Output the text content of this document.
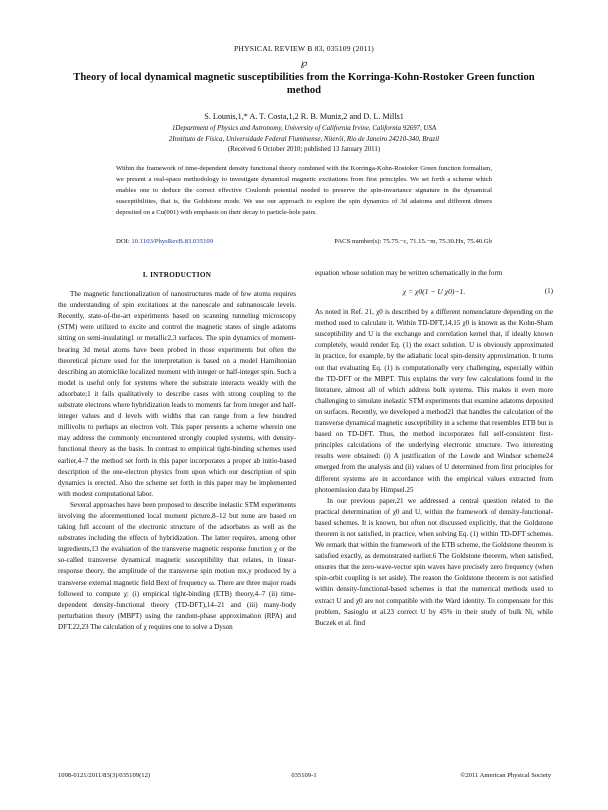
PHYSICAL REVIEW B 83, 035109 (2011)
℘
Theory of local dynamical magnetic susceptibilities from the Korringa-Kohn-Rostoker Green function method
S. Lounis,1,* A. T. Costa,1,2 R. B. Muniz,2 and D. L. Mills1
1Department of Physics and Astronomy, University of California Irvine, California 92697, USA
2Instituto de Física, Universidade Federal Fluminense, Niterói, Rio de Janeiro 24210-340, Brazil
(Received 6 October 2010; published 13 January 2011)

Within the framework of time-dependent density functional theory combined with the Korringa-Kohn-Rostoker Green function formalism, we present a real-space methodology to investigate dynamical magnetic excitations from first principles. We set forth a scheme which enables one to deduce the correct effective Coulomb potential needed to preserve the spin-invariance signature in the dynamical susceptibilities, that is, the Goldstone mode. We use our approach to explore the spin dynamics of 3d adatoms and different dimers deposited on a Cu(001) with emphasis on their decay to particle-hole pairs.

DOI: 10.1103/PhysRevB.83.035109	PACS number(s): 75.75.−c, 71.15.−m, 75.30.Hx, 75.40.Gb
I. INTRODUCTION

The magnetic functionalization of nanostructures made of few atoms requires the understanding of spin excitations at the nanoscale and subnanoscale levels. Recently, state-of-the-art experiments based on scanning tunneling microscopy (STM) were utilized to excite and control the magnetic states of single adatoms sitting on semi-insulating1 or metallic2,3 surfaces. The spin dynamics of moment-bearing 3d metal atoms have been probed in those experiments but often the theoretical picture used for the interpretation is based on a model Hamiltonian describing an atomiclike localized moment with integer or half-integer spin. Such a model is useful only for systems where the substrate interacts weakly with the adsorbate;1 it fails qualitatively to describe cases with strong coupling to the substrate electrons where hybridization leads to moments far from integer and half-integer values and d levels with widths that can range from a few hundred millivolts to perhaps an electron volt. This paper presents a scheme wherein one may address the commonly encountered strongly coupled systems, with density-functional theory as the basis. In contrast to empirical tight-binding schemes used earlier,4–7 the method set forth in this paper incorporates a proper ab initio-based description of the one-electron physics from upon which our description of spin dynamics is erected. Also the scheme set forth in this paper may be implemented with modest computational labor.

Several approaches have been proposed to describe inelastic STM experiments involving the aforementioned local moment picture,8–12 but none are based on taking full account of the electronic structure of the adsorbates as well as the substrates including the effects of hybridization. The latter requires, among other ingredients,13 the evaluation of the transverse magnetic response function χ or the so-called transverse dynamical magnetic susceptibility that relates, in linear-response theory, the amplitude of the transverse spin motion mx,y produced by a transverse external magnetic field Bext of frequency ω. There are three major roads followed to compute χ: (i) empirical tight-binding (ETB) theory,4–7 (ii) time-dependent density-functional theory (TD-DFT),14–21 and (iii) many-body perturbation theory (MBPT) using the random-phase approximation (RPA) and DFT.22,23 The calculation of χ requires one to solve a Dyson

equation whose solution may be written schematically in the form

χ = χ0(1 − U χ0)−1.	(1)

As noted in Ref. 21, χ0 is described by a different nomenclature depending on the method used to calculate it. Within TD-DFT,14,15 χ0 is known as the Kohn-Sham susceptibility and U is the exchange and correlation kernel that, if ideally known completely, would render Eq. (1) the exact solution. U is obviously approximated in practice, for example, by the adiabatic local spin-density approximation. It turns out that evaluating Eq. (1) is computationally very challenging, especially within the TD-DFT or the MBPT. This explains the very few calculations found in the literature, almost all of which address bulk systems. This makes it even more challenging to simulate inelastic STM experiments that examine adatoms deposited on surfaces. Recently, we developed a method21 that handles the calculation of the transverse dynamical magnetic susceptibility in a scheme that resembles ETB but is based on TD-DFT. Thus, the method incorporates full self-consistent first-principles calculations of the underlying electronic structure. Two interesting results were obtained: (i) A justification of the Lowde and Windsor scheme24 emerged from the analysis and (ii) values of U determined from first principles for different systems are in accordance with the empirical values extracted from photoemission data by Himpsel.25

In our previous paper,21 we addressed a central question related to the practical determination of χ0 and U, within the framework of density-functional-based schemes. It is known, but often not discussed explicitly, that the Goldstone theorem is not satisfied, in practice, when solving Eq. (1) within TD-DFT schemes. We remark that within the framework of the ETB scheme, the Goldstone theorem is satisfied exactly, as demonstrated earlier.6 The Goldstone theorem, when satisfied, ensures that the zero-wave-vector spin waves have precisely zero frequency (when spin-orbit coupling is set aside). The reason the Goldstone theorem is not satisfied within density-functional-based schemes is that the numerical methods used to extract U and χ0 are not compatible with the Ward identity. To compensate for this problem, Sasioglu et al.23 correct U by 45% in their study of bulk Ni, while Buczek et al. find

1098-0121/2011/83(3)/035109(12)	035109-1	©2011 American Physical Society
